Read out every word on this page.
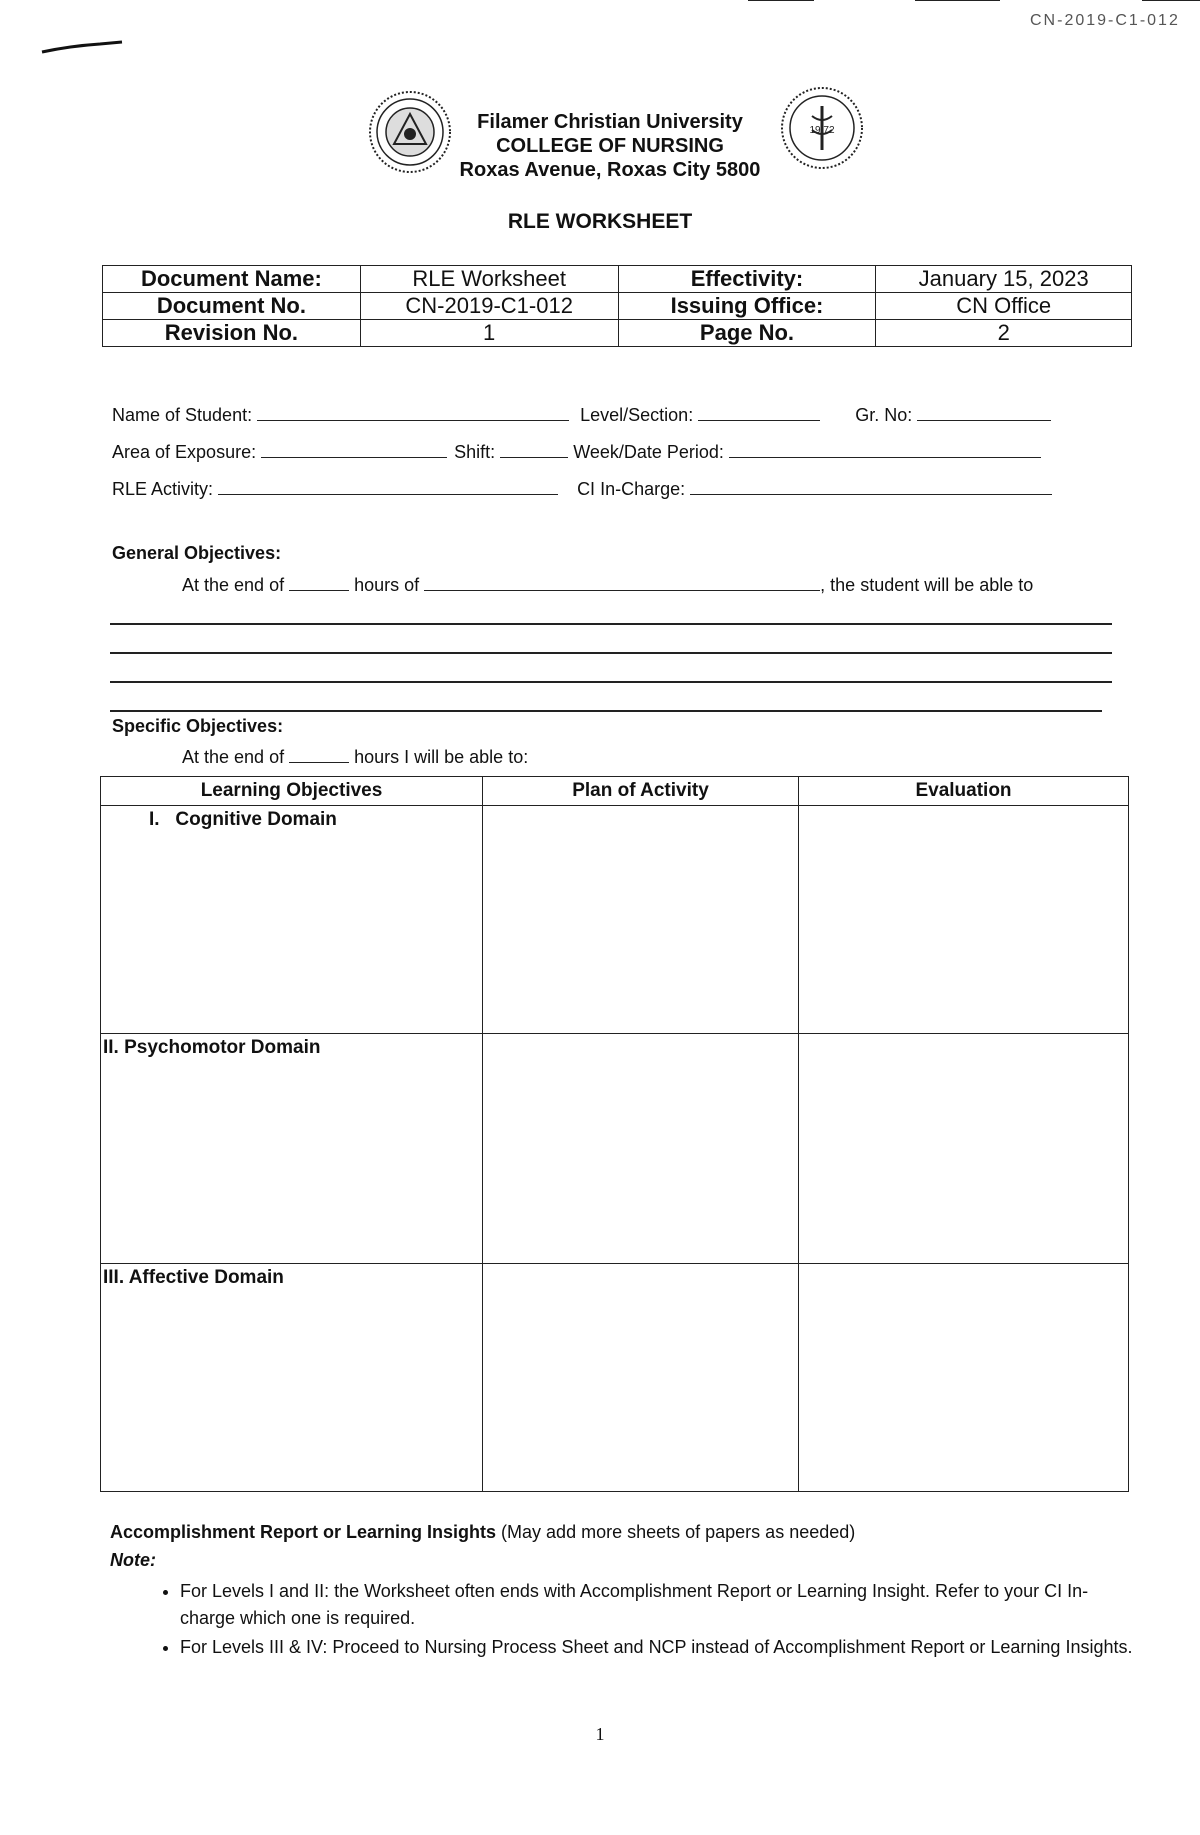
CN-2019-C1-012
19 72
Filamer Christian University
COLLEGE OF NURSING
Roxas Avenue, Roxas City 5800
RLE WORKSHEET
Document Name:	RLE Worksheet	Effectivity:	January 15, 2023
Document No.	CN-2019-C1-012	Issuing Office:	CN Office
Revision No.	1	Page No.	2
Name of Student:	Level/Section:	Gr. No:
Area of Exposure:	Shift:	Week/Date Period:
RLE Activity:	CI In-Charge:
General Objectives:
At the end of	hours of	, the student will be able to
Specific Objectives:
At the end of	hours I will be able to:
Learning Objectives	Plan of Activity	Evaluation

I.   Cognitive Domain		

II. Psychomotor Domain		

III. Affective Domain		

Accomplishment Report or Learning Insights (May add more sheets of papers as needed)
Note:
• For Levels I and II: the Worksheet often ends with Accomplishment Report or Learning Insight. Refer to your CI In-charge which one is required.
• For Levels III & IV: Proceed to Nursing Process Sheet and NCP instead of Accomplishment Report or Learning Insights.
1
